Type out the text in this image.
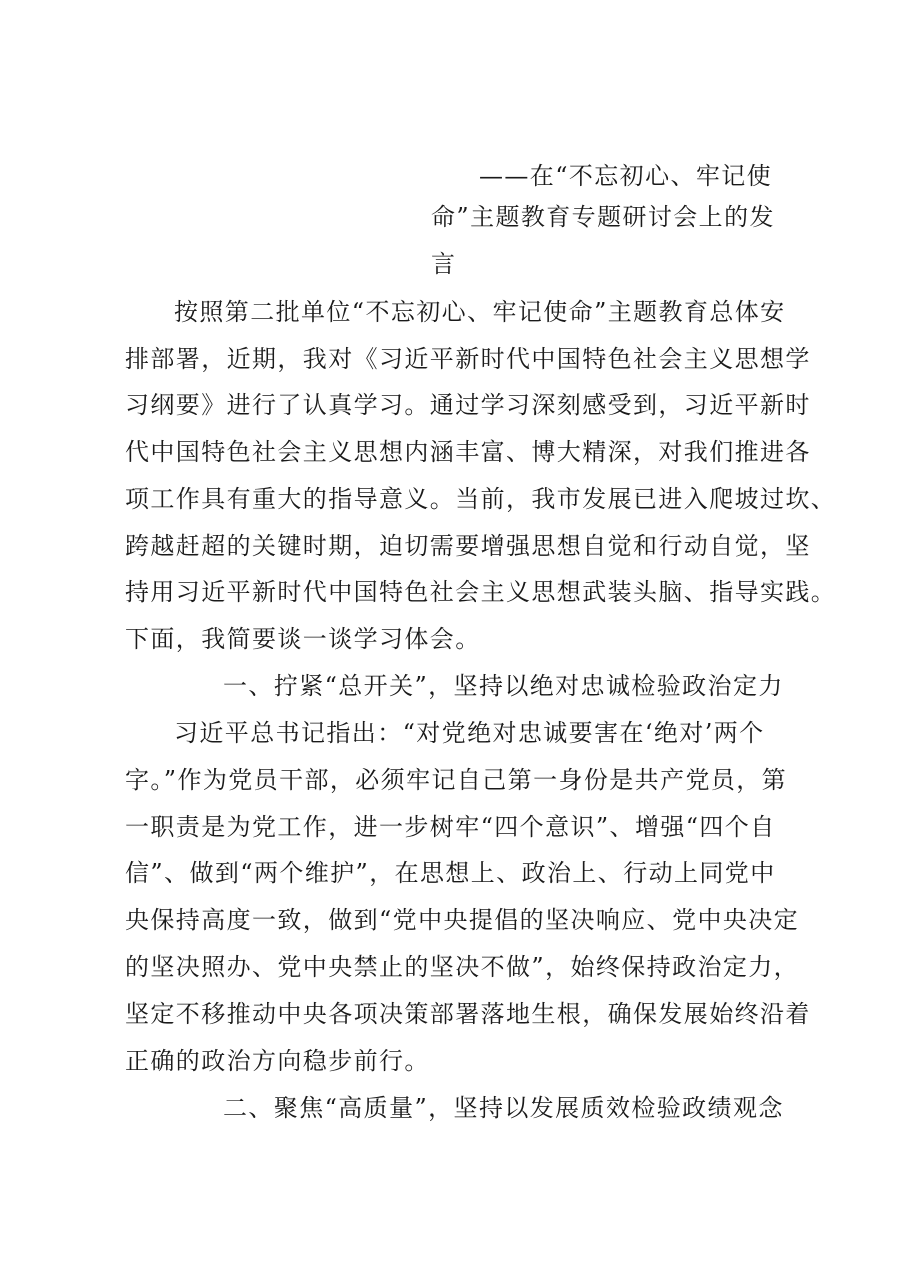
——在“不忘初心、牢记使
命”主题教育专题研讨会上的发
言
按照第二批单位“不忘初心、牢记使命”主题教育总体安
排部署，近期，我对《习近平新时代中国特色社会主义思想学
习纲要》进行了认真学习。通过学习深刻感受到，习近平新时
代中国特色社会主义思想内涵丰富、博大精深，对我们推进各
项工作具有重大的指导意义。当前，我市发展已进入爬坡过坎、
跨越赶超的关键时期，迫切需要增强思想自觉和行动自觉，坚
持用习近平新时代中国特色社会主义思想武装头脑、指导实践。
下面，我简要谈一谈学习体会。
一、拧紧“总开关”，坚持以绝对忠诚检验政治定力
习近平总书记指出：“对党绝对忠诚要害在‘绝对’两个
字。”作为党员干部，必须牢记自己第一身份是共产党员，第
一职责是为党工作，进一步树牢“四个意识”、增强“四个自
信”、做到“两个维护”，在思想上、政治上、行动上同党中
央保持高度一致，做到“党中央提倡的坚决响应、党中央决定
的坚决照办、党中央禁止的坚决不做”，始终保持政治定力，
坚定不移推动中央各项决策部署落地生根，确保发展始终沿着
正确的政治方向稳步前行。
二、聚焦“高质量”，坚持以发展质效检验政绩观念
